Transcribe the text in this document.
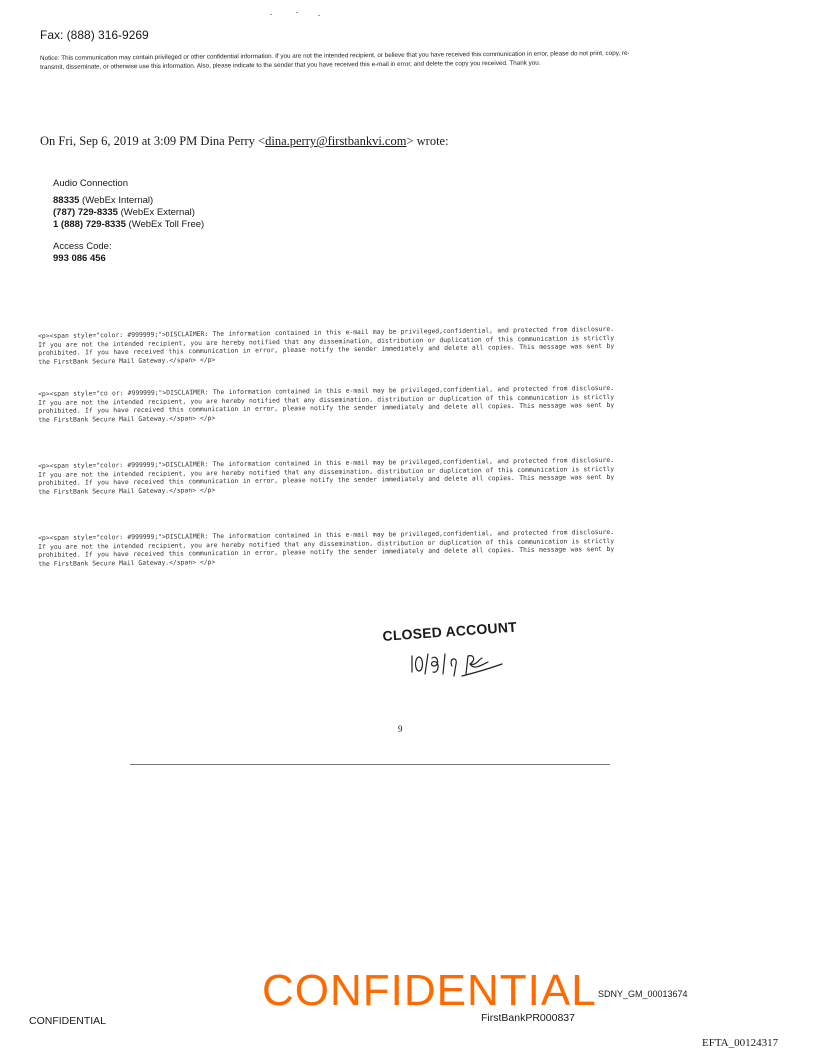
Fax: (888) 316-9269
Notice: This communication may contain privileged or other confidential information. If you are not the intended recipient, or believe that you have received this communication in error, please do not print, copy, re-transmit, disseminate, or otherwise use this information. Also, please indicate to the sender that you have received this e-mail in error, and delete the copy you received. Thank you.
On Fri, Sep 6, 2019 at 3:09 PM Dina Perry <dina.perry@firstbankvi.com> wrote:
Audio Connection
88335 (WebEx Internal)
(787) 729-8335 (WebEx External)
1 (888) 729-8335 (WebEx Toll Free)
Access Code:
993 086 456
<p><span style="color: #999999;">DISCLAIMER: The information contained in this e-mail may be privileged,confidential, and protected from disclosure. If you are not the intended recipient, you are hereby notified that any dissemination, distribution or duplication of this communication is strictly prohibited. If you have received this communication in error, please notify the sender immediately and delete all copies. This message was sent by the FirstBank Secure Mail Gateway.</span> </p>
<p><span style="co or: #999999;">DISCLAIMER: The information contained in this e-mail may be privileged,confidential, and protected from disclosure. If you are not the intended recipient, you are hereby notified that any dissemination, distribution or duplication of this communication is strictly prohibited. If you have received this communication in error, please notify the sender immediately and delete all copies. This message was sent by the FirstBank Secure Mail Gateway.</span> </p>
<p><span style="color: #999999;">DISCLAIMER: The information contained in this e-mail may be privileged,confidential, and protected from disclosure. If you are not the intended recipient, you are hereby notified that any dissemination, distribution or duplication of this communication is strictly prohibited. If you have received this communication in error, please notify the sender immediately and delete all copies. This message was sent by the FirstBank Secure Mail Gateway.</span> </p>
<p><span style="color: #999999;">DISCLAIMER: The information contained in this e-mail may be privileged,confidential, and protected from disclosure. If you are not the intended recipient, you are hereby notified that any dissemination, distribution or duplication of this communication is strictly prohibited. If you have received this communication in error, please notify the sender immediately and delete all copies. This message was sent by the FirstBank Secure Mail Gateway.</span> </p>
CLOSED ACCOUNT
9
SDNY_GM_00013674
CONFIDENTIAL
CONFIDENTIAL	FirstBankPR000837
EFTA_00124317
